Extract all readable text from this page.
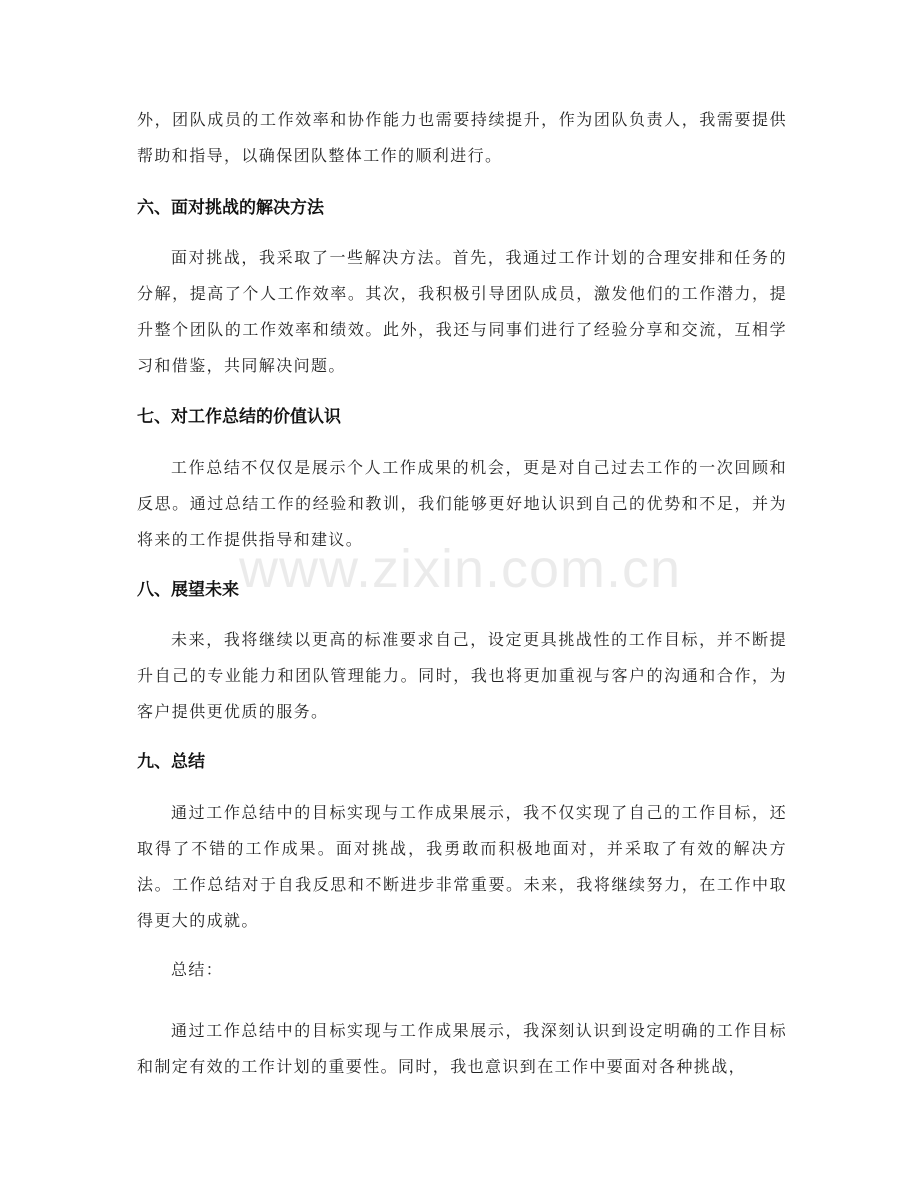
外，团队成员的工作效率和协作能力也需要持续提升，作为团队负责人，我需要提供帮助和指导，以确保团队整体工作的顺利进行。

六、面对挑战的解决方法

面对挑战，我采取了一些解决方法。首先，我通过工作计划的合理安排和任务的分解，提高了个人工作效率。其次，我积极引导团队成员，激发他们的工作潜力，提升整个团队的工作效率和绩效。此外，我还与同事们进行了经验分享和交流，互相学习和借鉴，共同解决问题。

七、对工作总结的价值认识

工作总结不仅仅是展示个人工作成果的机会，更是对自己过去工作的一次回顾和反思。通过总结工作的经验和教训，我们能够更好地认识到自己的优势和不足，并为将来的工作提供指导和建议。

八、展望未来

未来，我将继续以更高的标准要求自己，设定更具挑战性的工作目标，并不断提升自己的专业能力和团队管理能力。同时，我也将更加重视与客户的沟通和合作，为客户提供更优质的服务。

九、总结

通过工作总结中的目标实现与工作成果展示，我不仅实现了自己的工作目标，还取得了不错的工作成果。面对挑战，我勇敢而积极地面对，并采取了有效的解决方法。工作总结对于自我反思和不断进步非常重要。未来，我将继续努力，在工作中取得更大的成就。

总结：

通过工作总结中的目标实现与工作成果展示，我深刻认识到设定明确的工作目标和制定有效的工作计划的重要性。同时，我也意识到在工作中要面对各种挑战，

www.zixin.com.cn
